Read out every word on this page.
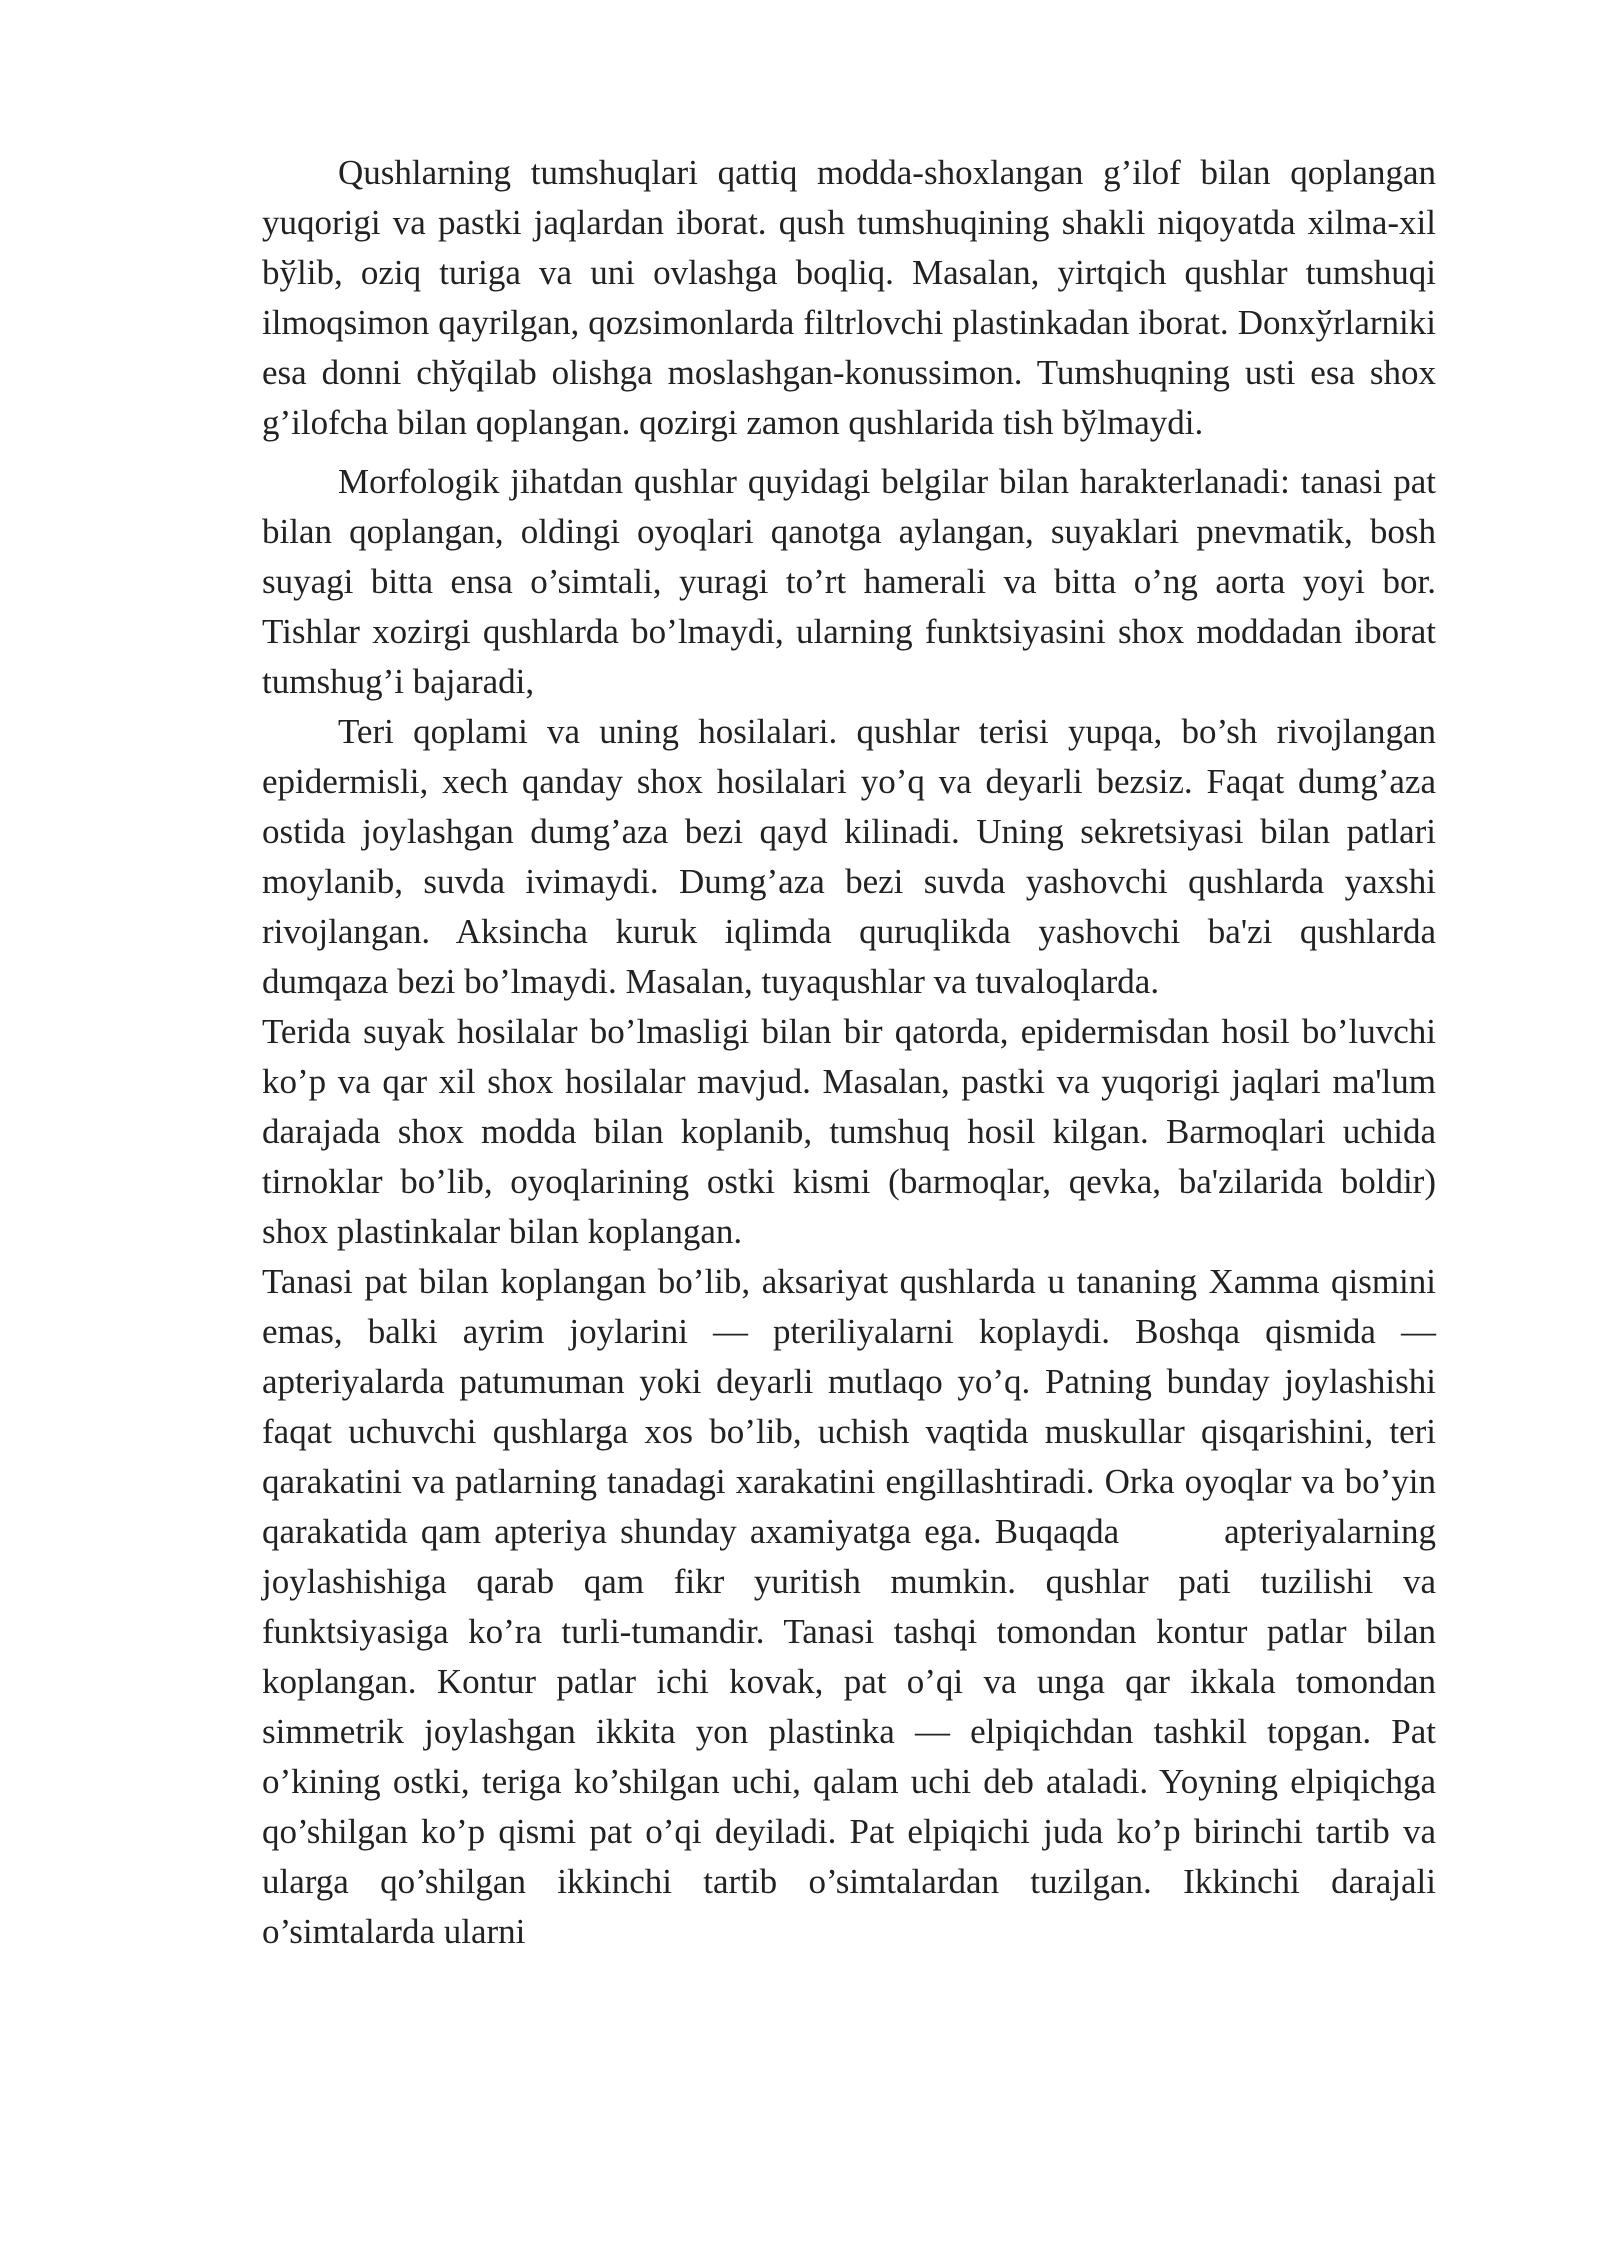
Qushlarning tumshuqlari qattiq modda-shoxlangan g’ilof bilan qoplangan yuqorigi va pastki jaqlardan iborat. qush tumshuqining shakli niqoyatda xilma-xil bўlib, oziq turiga va uni ovlashga boqliq. Masalan, yirtqich qushlar tumshuqi ilmoqsimon qayrilgan, qozsimonlarda filtrlovchi plastinkadan iborat. Donxўrlarniki esa donni chўqilab olishga moslashgan-konussimon. Tumshuqning usti esa shox g’ilofcha bilan qoplangan. qozirgi zamon qushlarida tish bўlmaydi.

Morfologik jihatdan qushlar quyidagi belgilar bilan harakterlanadi: tanasi pat bilan qoplangan, oldingi oyoqlari qanotga aylangan, suyaklari pnevmatik, bosh suyagi bitta ensa o’simtali, yuragi to’rt hamerali va bitta o’ng aorta yoyi bor. Tishlar xozirgi qushlarda bo’lmaydi, ularning funktsiyasini shox moddadan iborat tumshug’i bajaradi,

Teri qoplami va uning hosilalari. qushlar terisi yupqa, bo’sh rivojlangan epidermisli, xech qanday shox hosilalari yo’q va deyarli bezsiz. Faqat dumg’aza ostida joylashgan dumg’aza bezi qayd kilinadi. Uning sekretsiyasi bilan patlari moylanib, suvda ivimaydi. Dumg’aza bezi suvda yashovchi qushlarda yaxshi rivojlangan. Aksincha kuruk iqlimda quruqlikda yashovchi ba'zi qushlarda dumqaza bezi bo’lmaydi. Masalan, tuyaqushlar va tuvaloqlarda.

Terida suyak hosilalar bo’lmasligi bilan bir qatorda, epidermisdan hosil bo’luvchi ko’p va qar xil shox hosilalar mavjud. Masalan, pastki va yuqorigi jaqlari ma'lum darajada shox modda bilan koplanib, tumshuq hosil kilgan. Barmoqlari uchida tirnoklar bo’lib, oyoqlarining ostki kismi (barmoqlar, qevka, ba'zilarida boldir) shox plastinkalar bilan koplangan.

Tanasi pat bilan koplangan bo’lib, aksariyat qushlarda u tananing Xamma qismini emas, balki ayrim joylarini — pteriliyalarni koplaydi. Boshqa qismida — apteriyalarda patumuman yoki deyarli mutlaqo yo’q. Patning bunday joylashishi faqat uchuvchi qushlarga xos bo’lib, uchish vaqtida muskullar qisqarishini, teri qarakatini va patlarning tanadagi xarakatini engillashtiradi. Orka oyoqlar va bo’yin qarakatida qam apteriya shunday axamiyatga ega. Buqaqda        apteriyalarning joylashishiga qarab qam fikr yuritish mumkin. qushlar pati tuzilishi va funktsiyasiga ko’ra turli-tumandir. Tanasi tashqi tomondan kontur patlar bilan koplangan. Kontur patlar ichi kovak, pat o’qi va unga qar ikkala tomondan simmetrik joylashgan ikkita yon plastinka — elpiqichdan tashkil topgan. Pat o’kining ostki, teriga ko’shilgan uchi, qalam uchi deb ataladi. Yoyning elpiqichga qo’shilgan ko’p qismi pat o’qi deyiladi. Pat elpiqichi juda ko’p birinchi tartib va ularga qo’shilgan ikkinchi tartib o’simtalardan tuzilgan. Ikkinchi darajali o’simtalarda ularni
